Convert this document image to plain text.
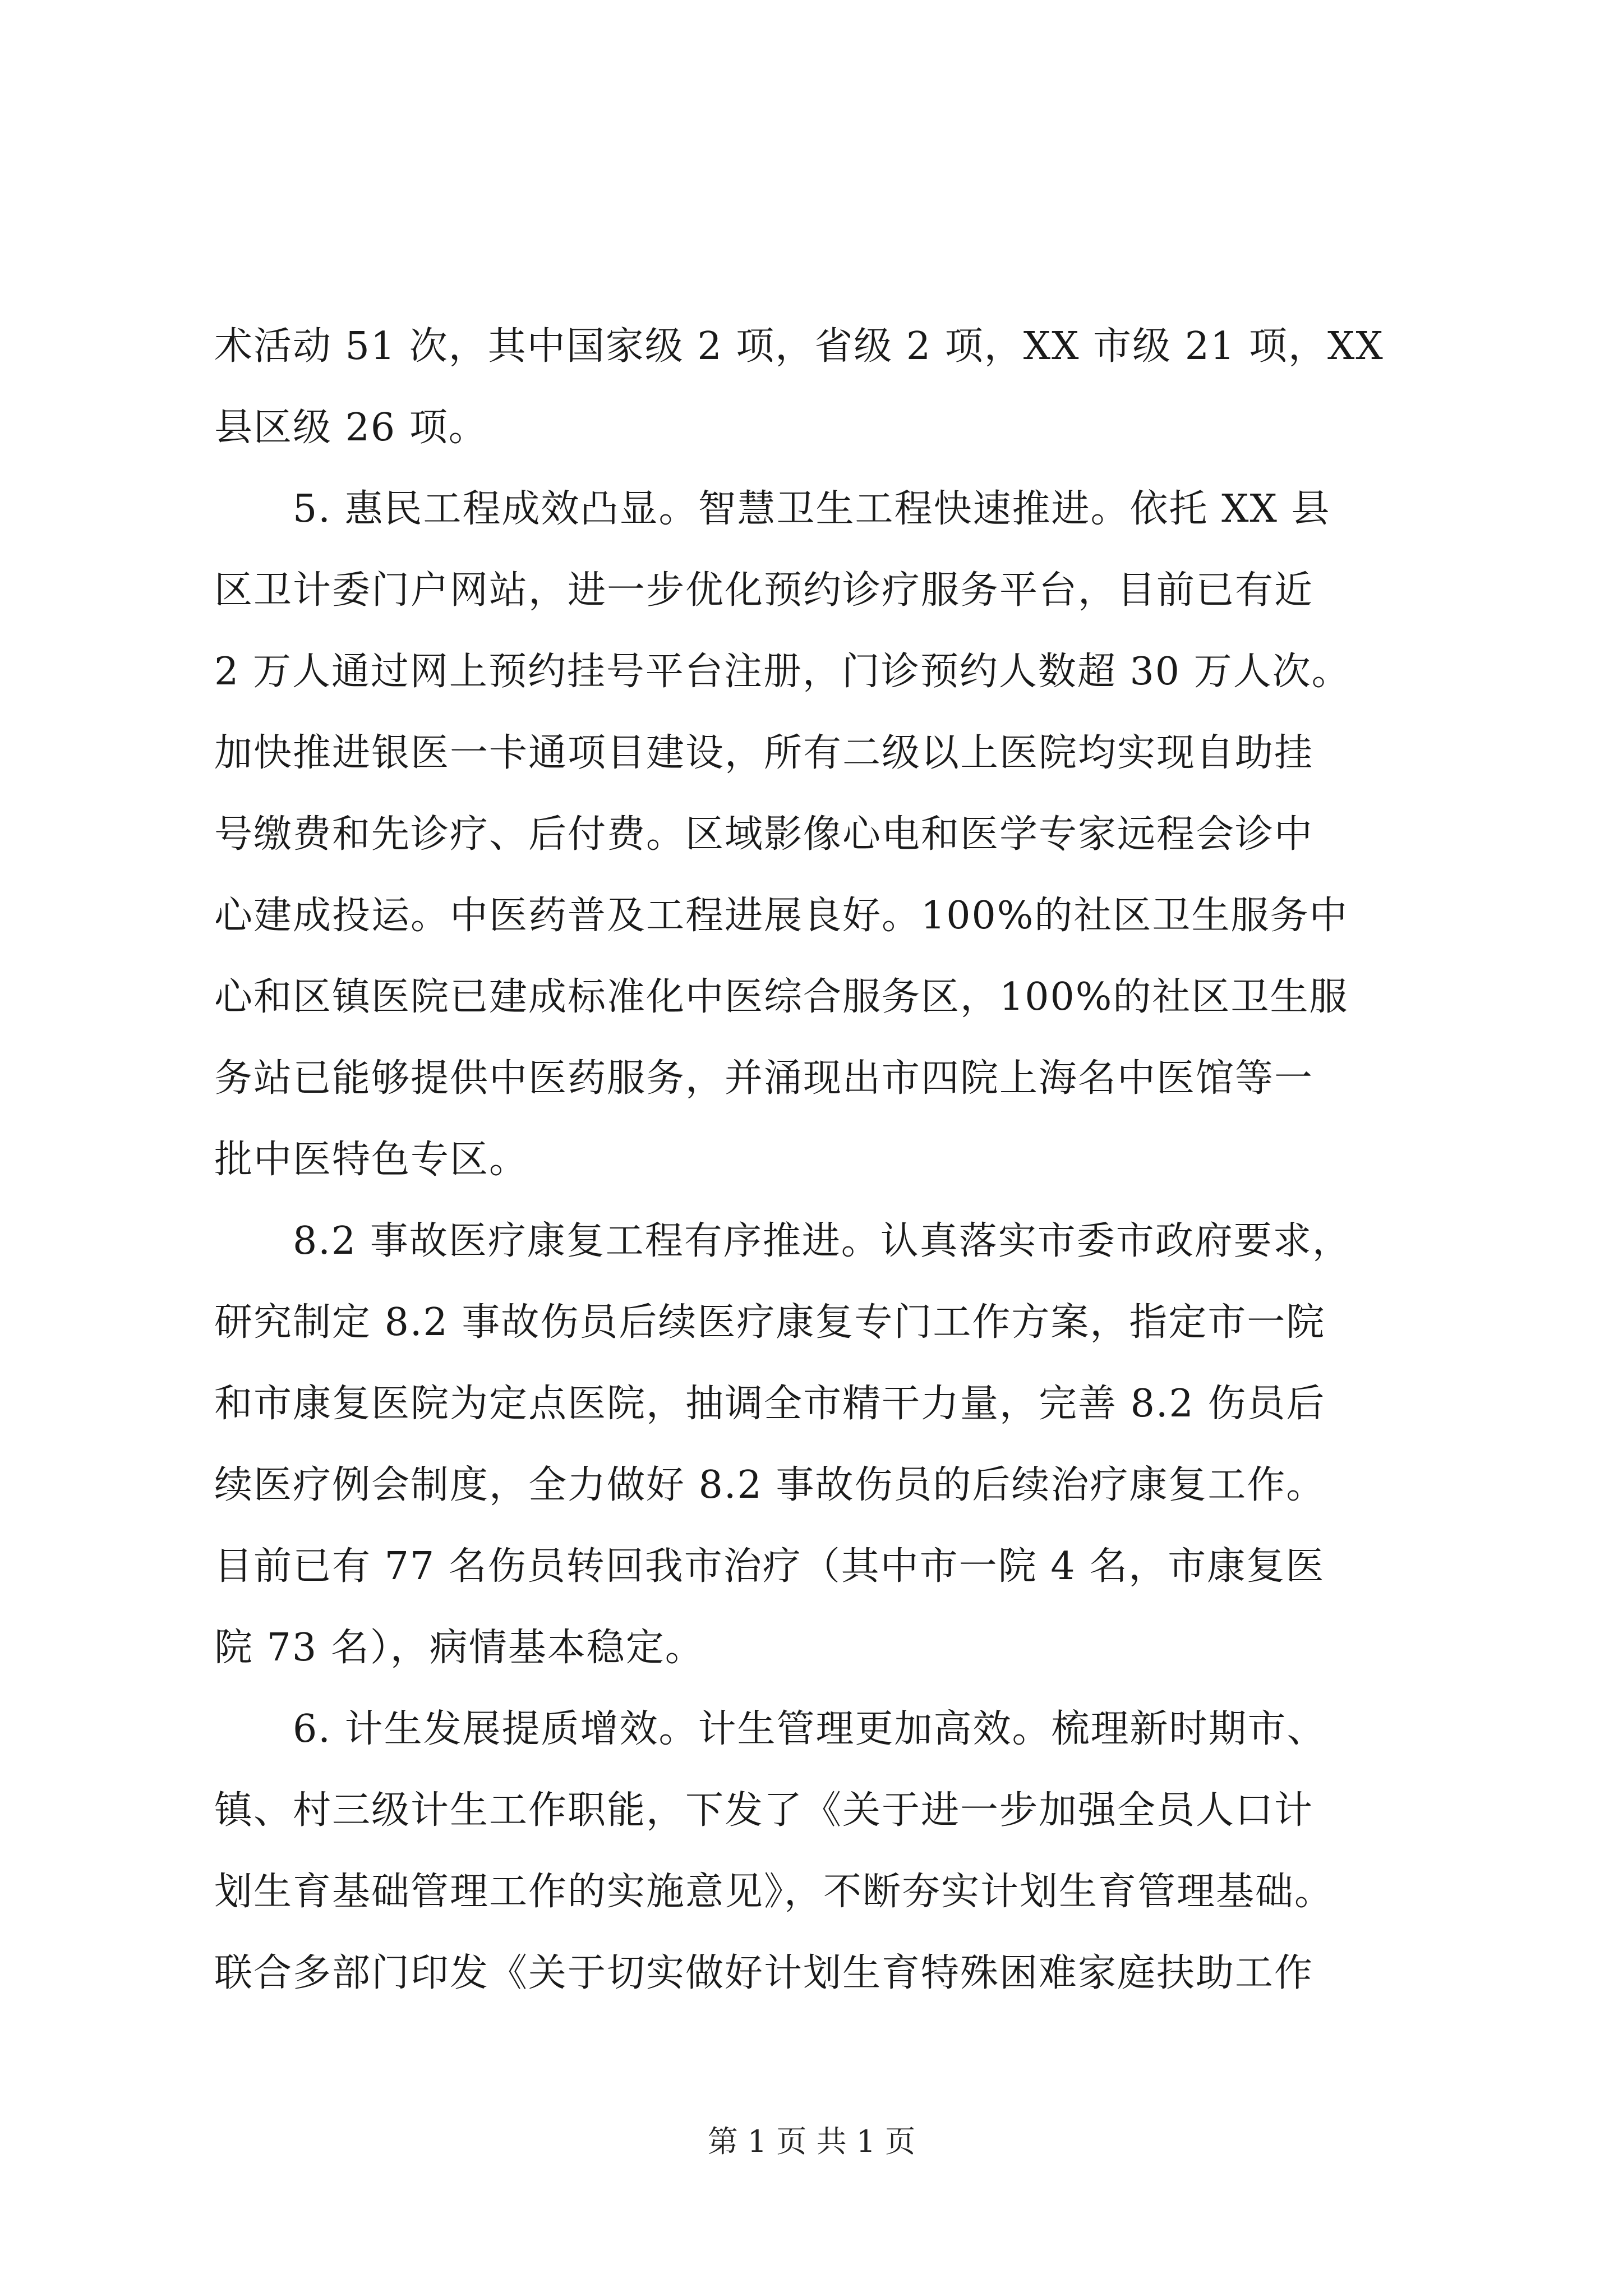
术活动 51 次，其中国家级 2 项，省级 2 项，XX 市级 21 项，XX
县区级 26 项。
5. 惠民工程成效凸显。智慧卫生工程快速推进。依托 XX 县
区卫计委门户网站，进一步优化预约诊疗服务平台，目前已有近
2 万人通过网上预约挂号平台注册，门诊预约人数超 30 万人次。
加快推进银医一卡通项目建设，所有二级以上医院均实现自助挂
号缴费和先诊疗、后付费。区域影像心电和医学专家远程会诊中
心建成投运。中医药普及工程进展良好。100%的社区卫生服务中
心和区镇医院已建成标准化中医综合服务区，100%的社区卫生服
务站已能够提供中医药服务，并涌现出市四院上海名中医馆等一
批中医特色专区。
8.2 事故医疗康复工程有序推进。认真落实市委市政府要求，
研究制定 8.2 事故伤员后续医疗康复专门工作方案，指定市一院
和市康复医院为定点医院，抽调全市精干力量，完善 8.2 伤员后
续医疗例会制度，全力做好 8.2 事故伤员的后续治疗康复工作。
目前已有 77 名伤员转回我市治疗（其中市一院 4 名，市康复医
院 73 名），病情基本稳定。
6. 计生发展提质增效。计生管理更加高效。梳理新时期市、
镇、村三级计生工作职能，下发了《关于进一步加强全员人口计
划生育基础管理工作的实施意见》，不断夯实计划生育管理基础。
联合多部门印发《关于切实做好计划生育特殊困难家庭扶助工作
第 1 页 共 1 页
